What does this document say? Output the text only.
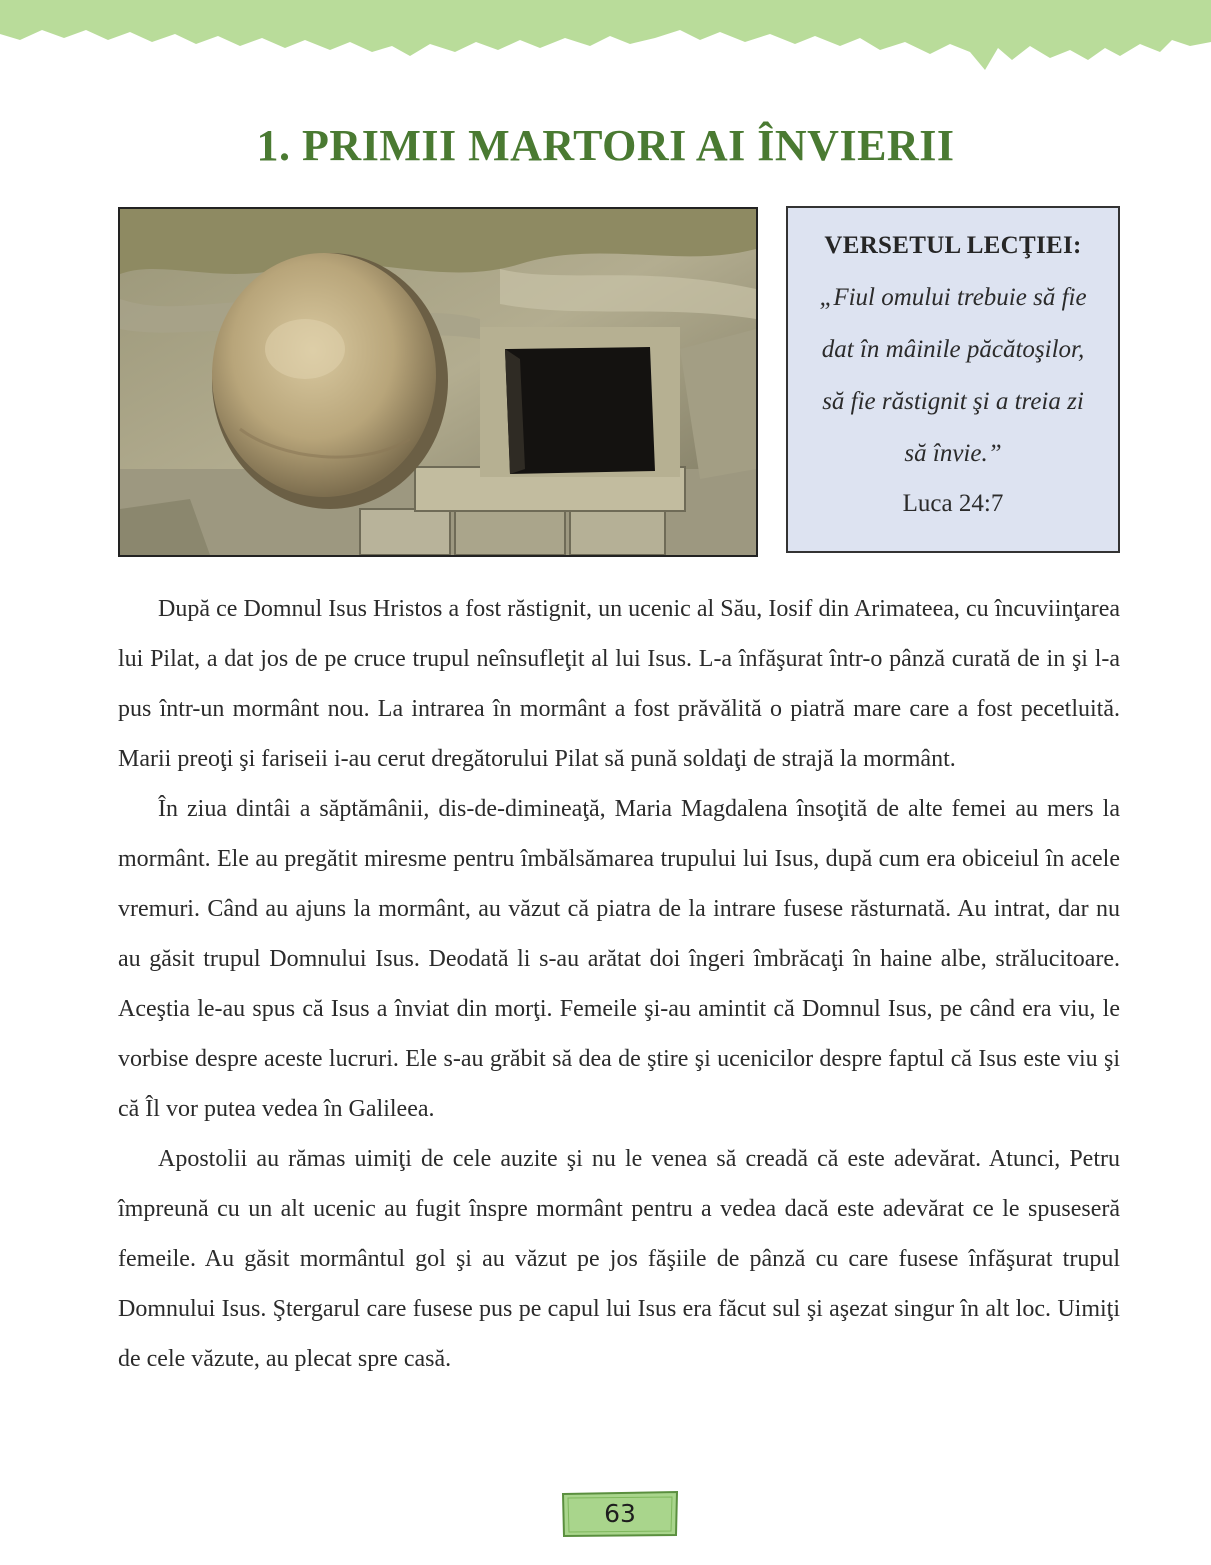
1. PRIMII MARTORI AI ÎNVIERII
VERSETUL LECŢIEI:
„Fiul omului trebuie să fie
dat în mâinile păcătoşilor,
să fie răstignit şi a treia zi
să învie.”
Luca 24:7

După ce Domnul Isus Hristos a fost răstignit, un ucenic al Său, Iosif din Arimateea, cu încuviinţarea lui Pilat, a dat jos de pe cruce trupul neînsufleţit al lui Isus. L-a înfăşurat într-o pânză curată de in şi l-a pus într-un mormânt nou. La intrarea în mormânt a fost prăvălită o piatră mare care a fost pecetluită. Marii preoţi şi fariseii i-au cerut dregătorului Pilat să pună soldaţi de strajă la mormânt.

În ziua dintâi a săptămânii, dis-de-dimineaţă, Maria Magdalena însoţită de alte femei au mers la mormânt. Ele au pregătit miresme pentru îmbălsămarea trupului lui Isus, după cum era obiceiul în acele vremuri. Când au ajuns la mormânt, au văzut că piatra de la intrare fusese răsturnată. Au intrat, dar nu au găsit trupul Domnului Isus. Deodată li s-au arătat doi îngeri îmbrăcaţi în haine albe, strălucitoare. Aceştia le-au spus că Isus a înviat din morţi. Femeile şi-au amintit că Domnul Isus, pe când era viu, le vorbise despre aceste lucruri. Ele s-au grăbit să dea de ştire şi ucenicilor despre faptul că Isus este viu şi că Îl vor putea vedea în Galileea.

Apostolii au rămas uimiţi de cele auzite şi nu le venea să creadă că este adevărat. Atunci, Petru împreună cu un alt ucenic au fugit înspre mormânt pentru a vedea dacă este adevărat ce le spuseseră femeile. Au găsit mormântul gol şi au văzut pe jos făşiile de pânză cu care fusese înfăşurat trupul Domnului Isus. Ştergarul care fusese pus pe capul lui Isus era făcut sul şi aşezat singur în alt loc. Uimiţi de cele văzute, au plecat spre casă.

63
